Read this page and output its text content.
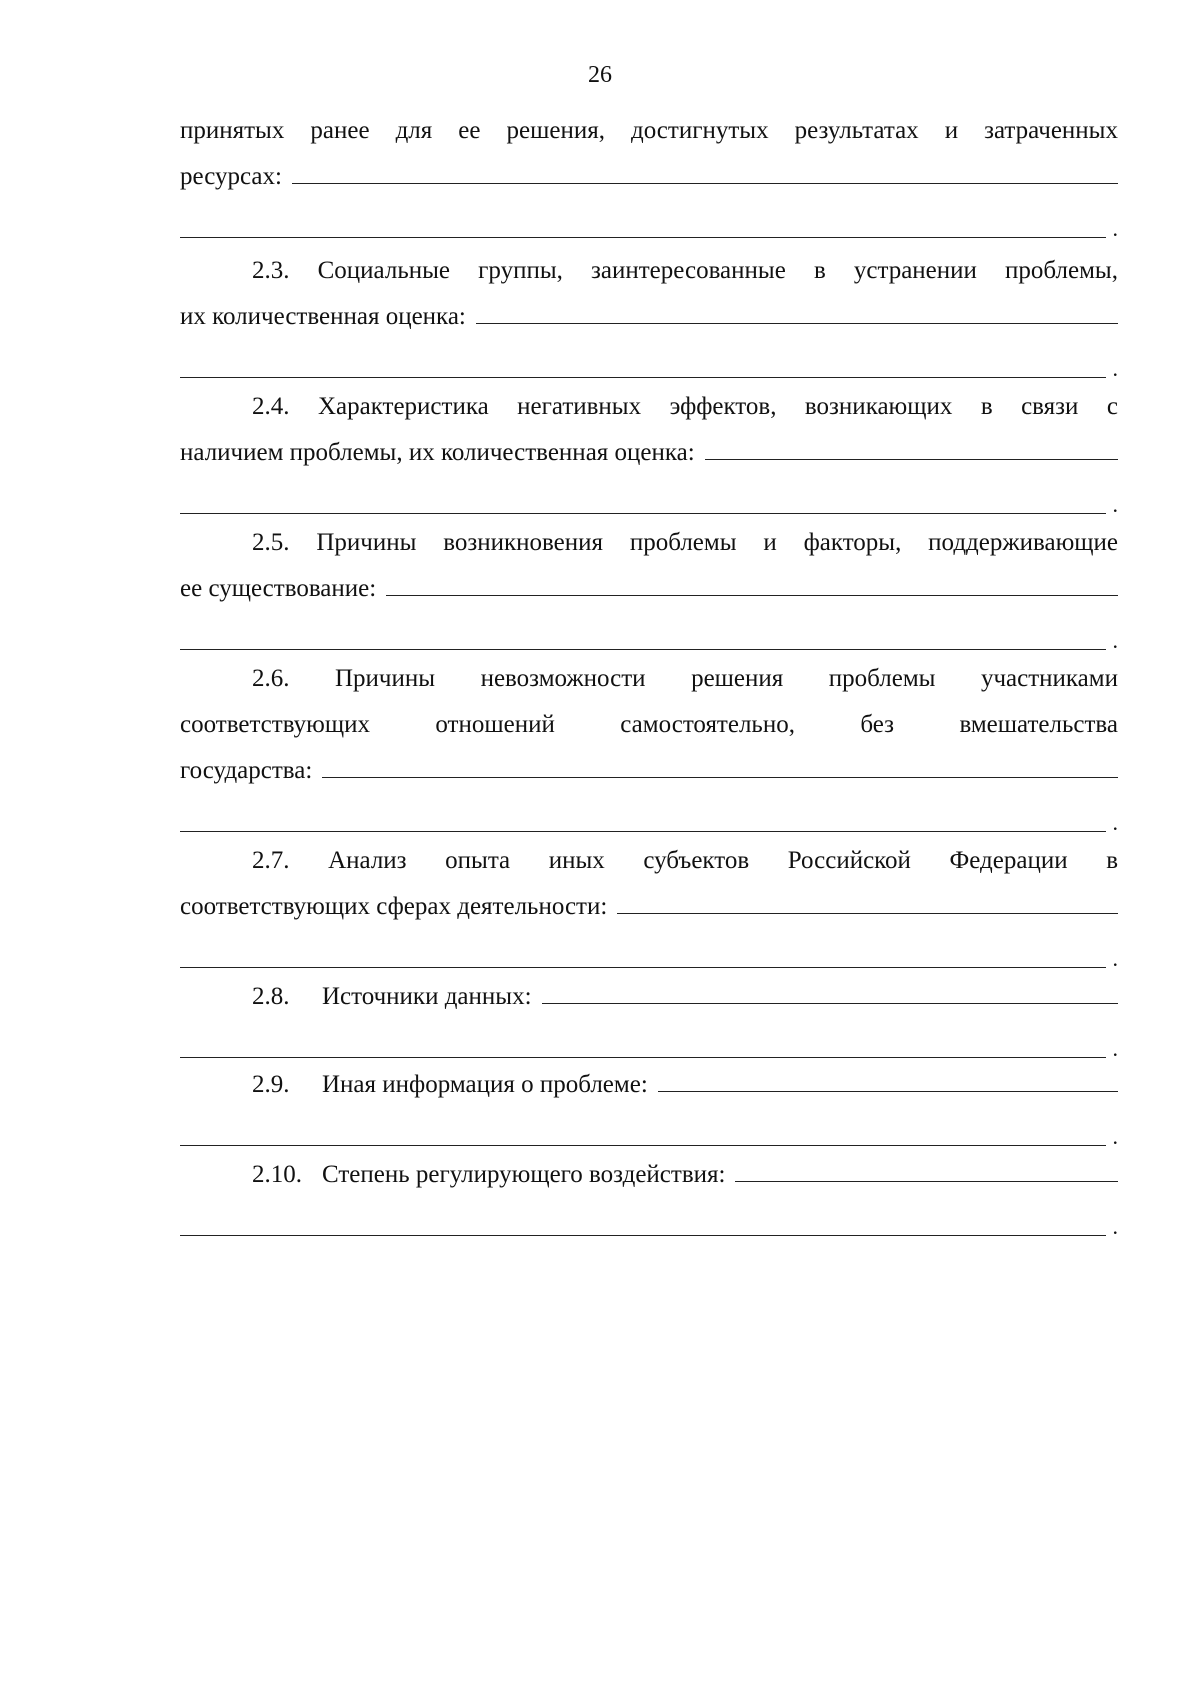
26
принятых ранее для ее решения, достигнутых результатах и затраченных
ресурсах:
.
2.3. Социальные группы, заинтересованные в устранении проблемы,
их количественная оценка:
.
2.4. Характеристика негативных эффектов, возникающих в связи с
наличием проблемы, их количественная оценка:
.
2.5. Причины возникновения проблемы и факторы, поддерживающие
ее существование:
.
2.6. Причины невозможности решения проблемы участниками
соответствующих	отношений	самостоятельно,	без	вмешательства
государства:
.
2.7. Анализ опыта иных субъектов Российской Федерации в
соответствующих сферах деятельности:
.
2.8.	Источники данных:
.
2.9.	Иная информация о проблеме:
.
2.10. Степень регулирующего воздействия:
.
